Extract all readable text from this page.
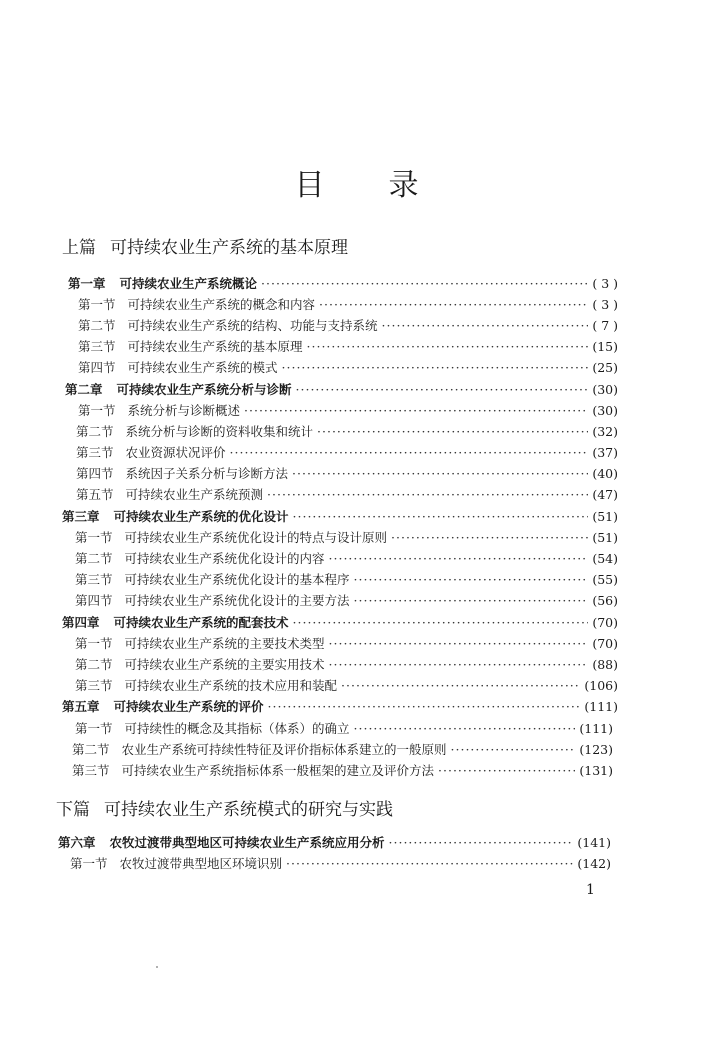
目 录
上篇 可持续农业生产系统的基本原理
下篇 可持续农业生产系统模式的研究与实践
第一章 可持续农业生产系统概论 ·····	( 3 )
第一节 可持续农业生产系统的概念和内容 ·····	( 3 )
第二节 可持续农业生产系统的结构、功能与支持系统 ·····	( 7 )
第三节 可持续农业生产系统的基本原理 ·····	(15)
第四节 可持续农业生产系统的模式 ·····	(25)
第二章 可持续农业生产系统分析与诊断 ·····	(30)
第一节 系统分析与诊断概述 ·····	(30)
第二节 系统分析与诊断的资料收集和统计 ·····	(32)
第三节 农业资源状况评价 ·····	(37)
第四节 系统因子关系分析与诊断方法 ·····	(40)
第五节 可持续农业生产系统预测 ·····	(47)
第三章 可持续农业生产系统的优化设计 ·····	(51)
第一节 可持续农业生产系统优化设计的特点与设计原则 ·····	(51)
第二节 可持续农业生产系统优化设计的内容 ·····	(54)
第三节 可持续农业生产系统优化设计的基本程序 ·····	(55)
第四节 可持续农业生产系统优化设计的主要方法 ·····	(56)
第四章 可持续农业生产系统的配套技术 ·····	(70)
第一节 可持续农业生产系统的主要技术类型 ·····	(70)
第二节 可持续农业生产系统的主要实用技术 ·····	(88)
第三节 可持续农业生产系统的技术应用和装配 ·····	(106)
第五章 可持续农业生产系统的评价 ·····	(111)
第一节 可持续性的概念及其指标（体系）的确立 ·····	(111)
第二节 农业生产系统可持续性特征及评价指标体系建立的一般原则 ·····	(123)
第三节 可持续农业生产系统指标体系一般框架的建立及评价方法 ·····	(131)
第六章 农牧过渡带典型地区可持续农业生产系统应用分析 ·····	(141)
第一节 农牧过渡带典型地区环境识别 ·····	(142)
1
